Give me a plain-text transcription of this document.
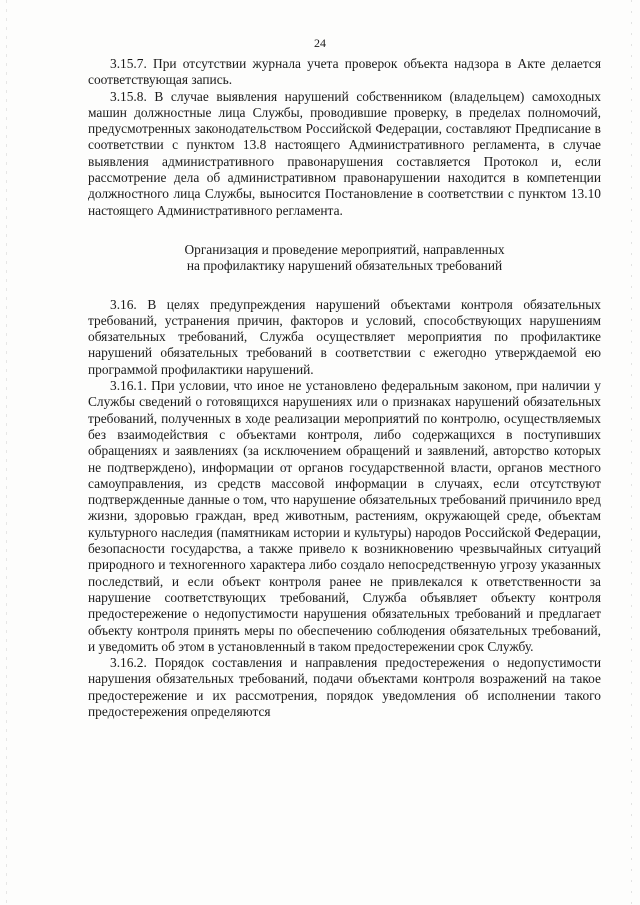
24

3.15.7. При отсутствии журнала учета проверок объекта надзора в Акте делается соответствующая запись.

3.15.8. В случае выявления нарушений собственником (владельцем) самоходных машин должностные лица Службы, проводившие проверку, в пределах полномочий, предусмотренных законодательством Российской Федерации, составляют Предписание в соответствии с пунктом 13.8 настоящего Административного регламента, в случае выявления административного правонарушения составляется Протокол и, если рассмотрение дела об административном правонарушении находится в компетенции должностного лица Службы, выносится Постановление в соответствии с пунктом 13.10 настоящего Административного регламента.

Организация и проведение мероприятий, направленных
на профилактику нарушений обязательных требований

3.16. В целях предупреждения нарушений объектами контроля обязательных требований, устранения причин, факторов и условий, способствующих нарушениям обязательных требований, Служба осуществляет мероприятия по профилактике нарушений обязательных требований в соответствии с ежегодно утверждаемой ею программой профилактики нарушений.

3.16.1. При условии, что иное не установлено федеральным законом, при наличии у Службы сведений о готовящихся нарушениях или о признаках нарушений обязательных требований, полученных в ходе реализации мероприятий по контролю, осуществляемых без взаимодействия с объектами контроля, либо содержащихся в поступивших обращениях и заявлениях (за исключением обращений и заявлений, авторство которых не подтверждено), информации от органов государственной власти, органов местного самоуправления, из средств массовой информации в случаях, если отсутствуют подтвержденные данные о том, что нарушение обязательных требований причинило вред жизни, здоровью граждан, вред животным, растениям, окружающей среде, объектам культурного наследия (памятникам истории и культуры) народов Российской Федерации, безопасности государства, а также привело к возникновению чрезвычайных ситуаций природного и техногенного характера либо создало непосредственную угрозу указанных последствий, и если объект контроля ранее не привлекался к ответственности за нарушение соответствующих требований, Служба объявляет объекту контроля предостережение о недопустимости нарушения обязательных требований и предлагает объекту контроля принять меры по обеспечению соблюдения обязательных требований, и уведомить об этом в установленный в таком предостережении срок Службу.

3.16.2. Порядок составления и направления предостережения о недопустимости нарушения обязательных требований, подачи объектами контроля возражений на такое предостережение и их рассмотрения, порядок уведомления об исполнении такого предостережения определяются
